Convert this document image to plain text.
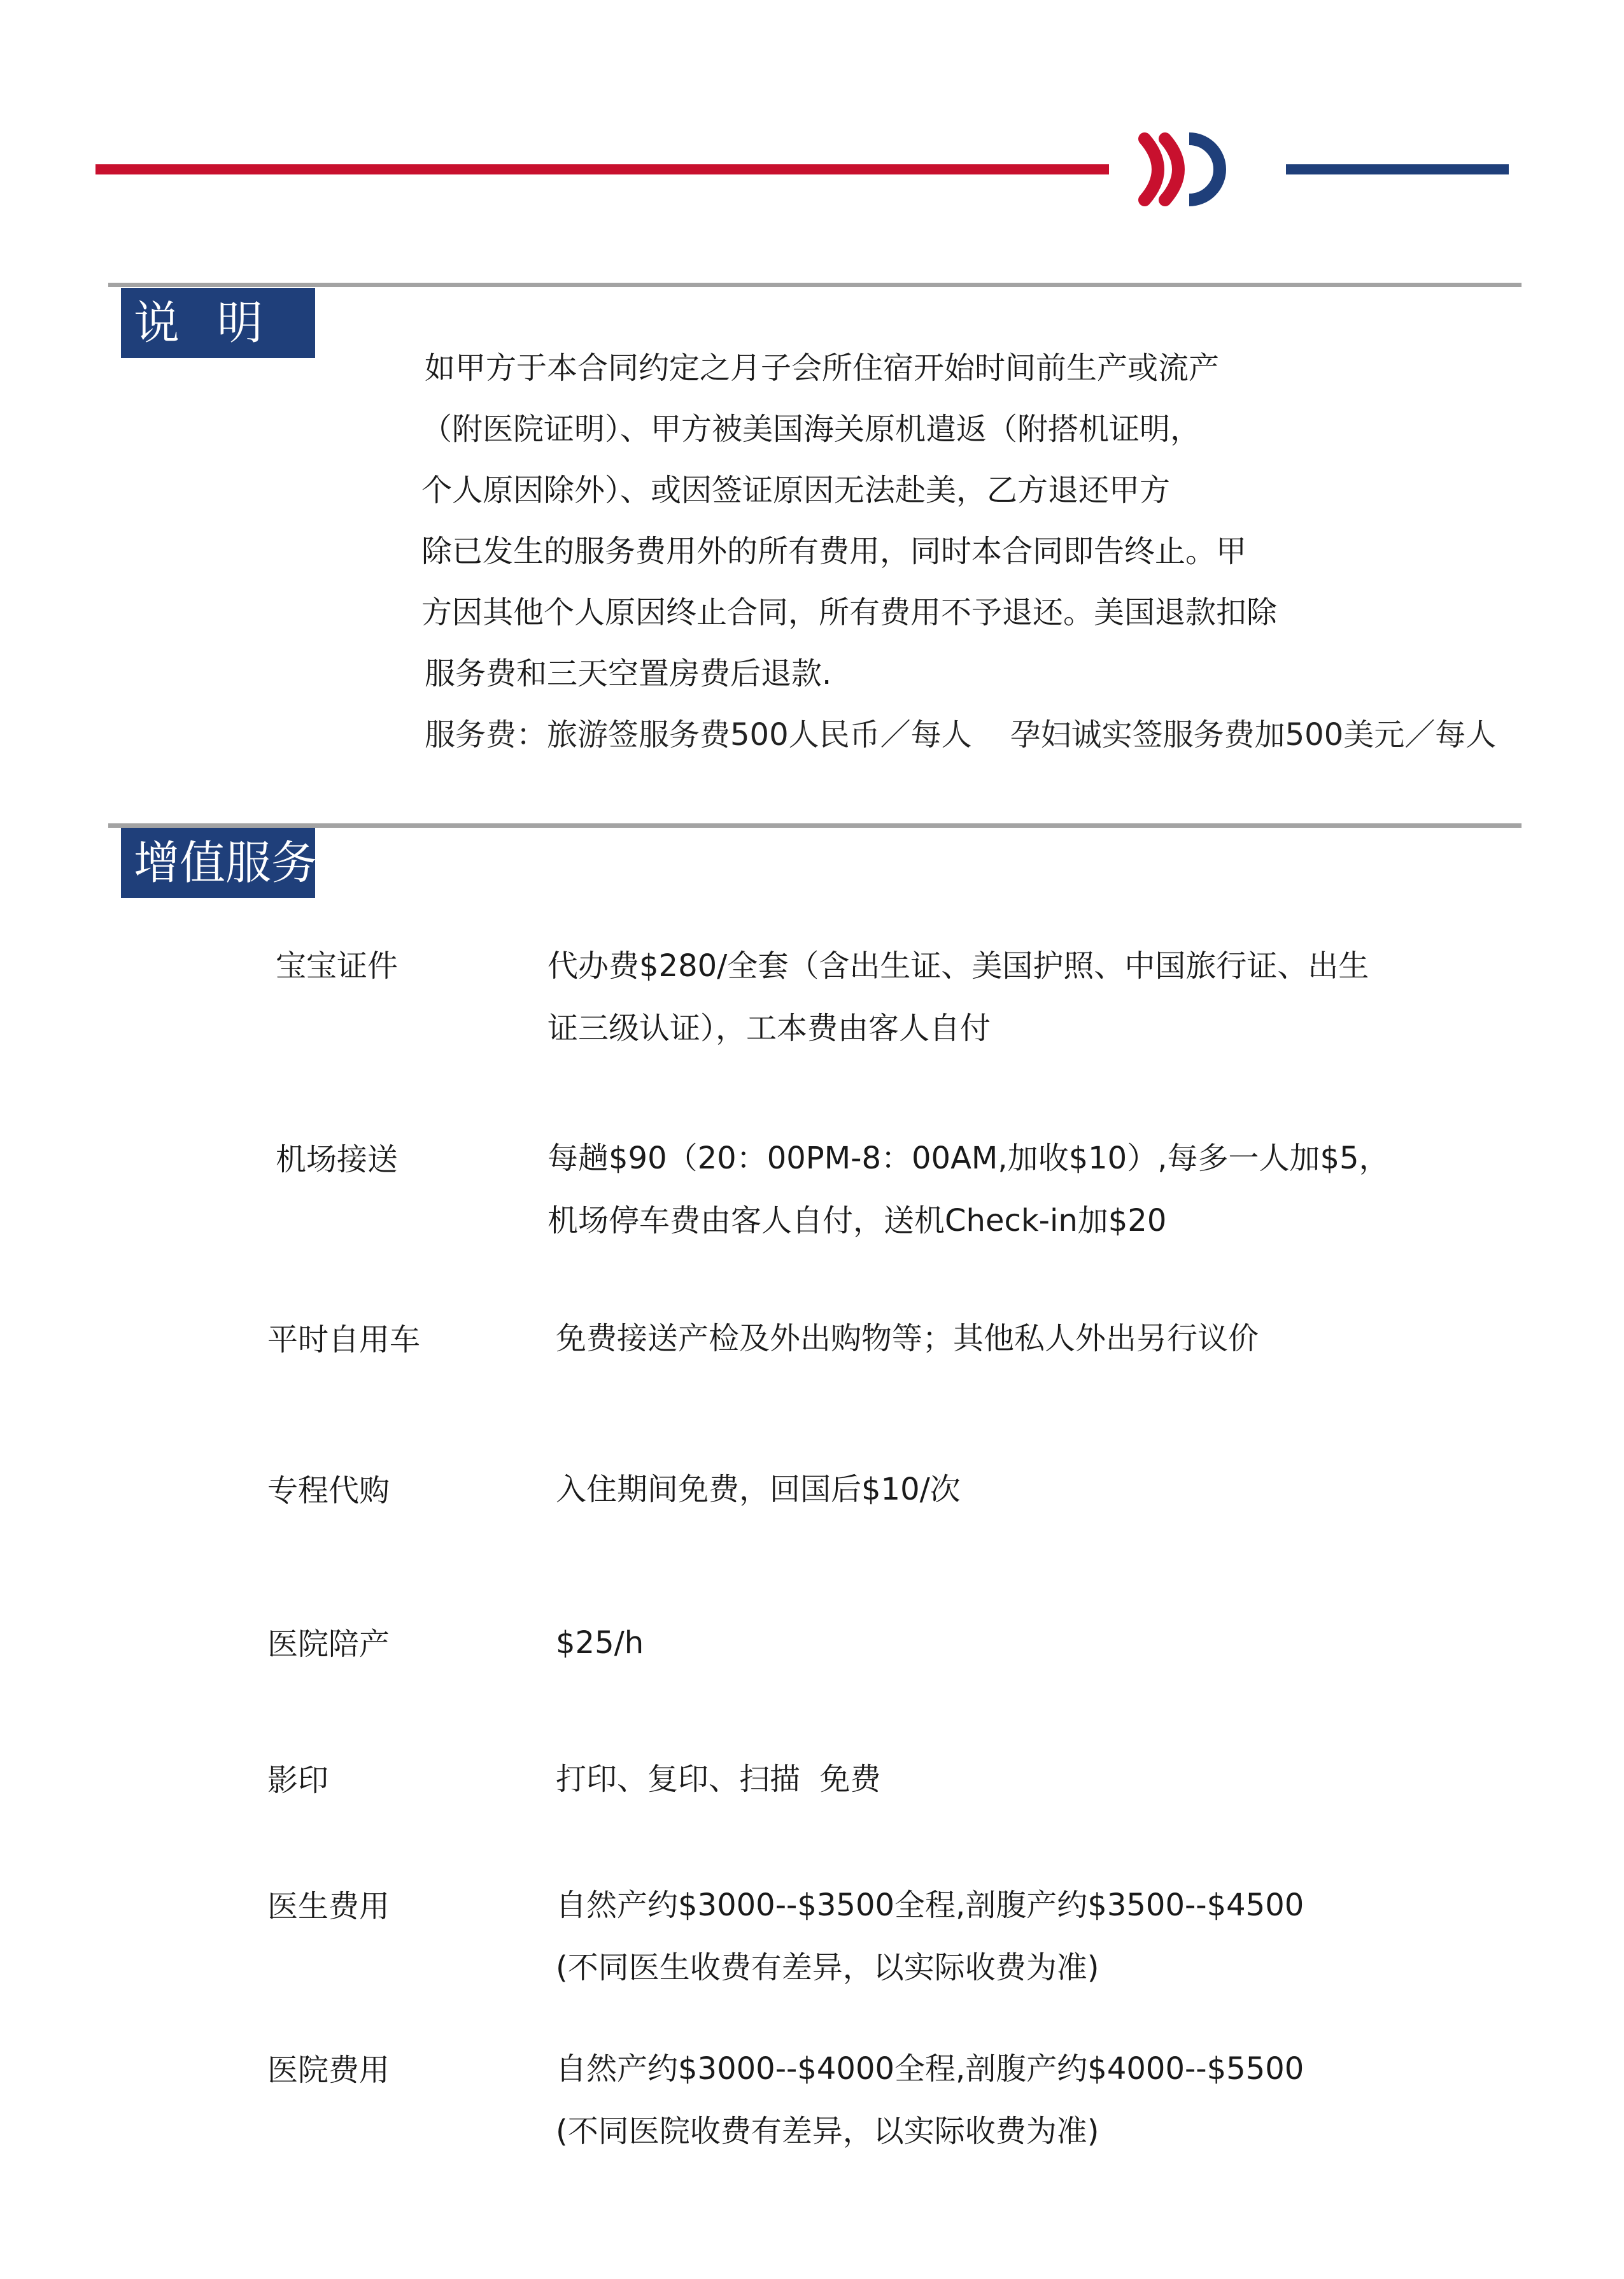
说 明
如甲方于本合同约定之月子会所住宿开始时间前生产或流产
（附医院证明）、甲方被美国海关原机遣返（附搭机证明，
个人原因除外）、或因签证原因无法赴美，乙方退还甲方
除已发生的服务费用外的所有费用，同时本合同即告终止。甲
方因其他个人原因终止合同，所有费用不予退还。美国退款扣除
服务费和三天空置房费后退款.
服务费：旅游签服务费500人民币／每人 孕妇诚实签服务费加500美元／每人
增值服务
宝宝证件	代办费$280/全套（含出生证、美国护照、中国旅行证、出生
证三级认证），工本费由客人自付
机场接送	每趟$90（20：00PM-8：00AM,加收$10）,每多一人加$5，
机场停车费由客人自付，送机Check-in加$20
平时自用车	免费接送产检及外出购物等；其他私人外出另行议价
专程代购	入住期间免费，回国后$10/次
医院陪产	$25/h
影印	打印、复印、扫描  免费
医生费用	自然产约$3000--$3500全程,剖腹产约$3500--$4500
(不同医生收费有差异，以实际收费为准)
医院费用	自然产约$3000--$4000全程,剖腹产约$4000--$5500
(不同医院收费有差异，以实际收费为准)
